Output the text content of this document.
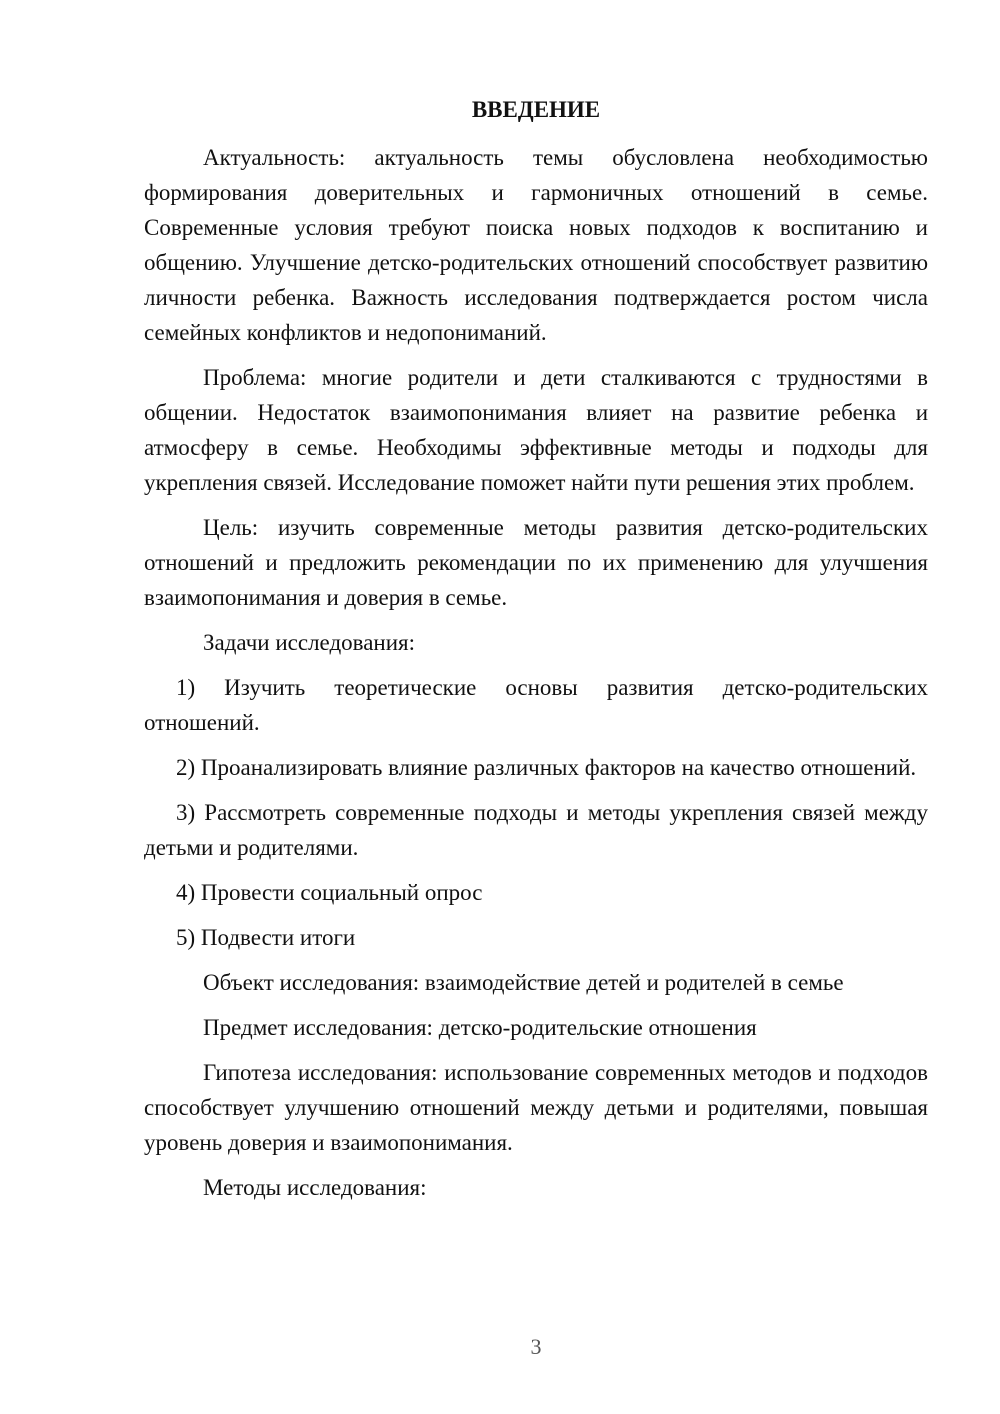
ВВЕДЕНИЕ

Актуальность: актуальность темы обусловлена необходимостью формирования доверительных и гармоничных отношений в семье. Современные условия требуют поиска новых подходов к воспитанию и общению. Улучшение детско-родительских отношений способствует развитию личности ребенка. Важность исследования подтверждается ростом числа семейных конфликтов и недопониманий.

Проблема: многие родители и дети сталкиваются с трудностями в общении. Недостаток взаимопонимания влияет на развитие ребенка и атмосферу в семье. Необходимы эффективные методы и подходы для укрепления связей. Исследование поможет найти пути решения этих проблем.

Цель: изучить современные методы развития детско-родительских отношений и предложить рекомендации по их применению для улучшения взаимопонимания и доверия в семье.

Задачи исследования:

1) Изучить теоретические основы развития детско-родительских отношений.

2) Проанализировать влияние различных факторов на качество отношений.

3) Рассмотреть современные подходы и методы укрепления связей между детьми и родителями.

4) Провести социальный опрос

5) Подвести итоги

Объект исследования: взаимодействие детей и родителей в семье

Предмет исследования: детско-родительские отношения

Гипотеза исследования: использование современных методов и подходов способствует улучшению отношений между детьми и родителями, повышая уровень доверия и взаимопонимания.

Методы исследования:

3
